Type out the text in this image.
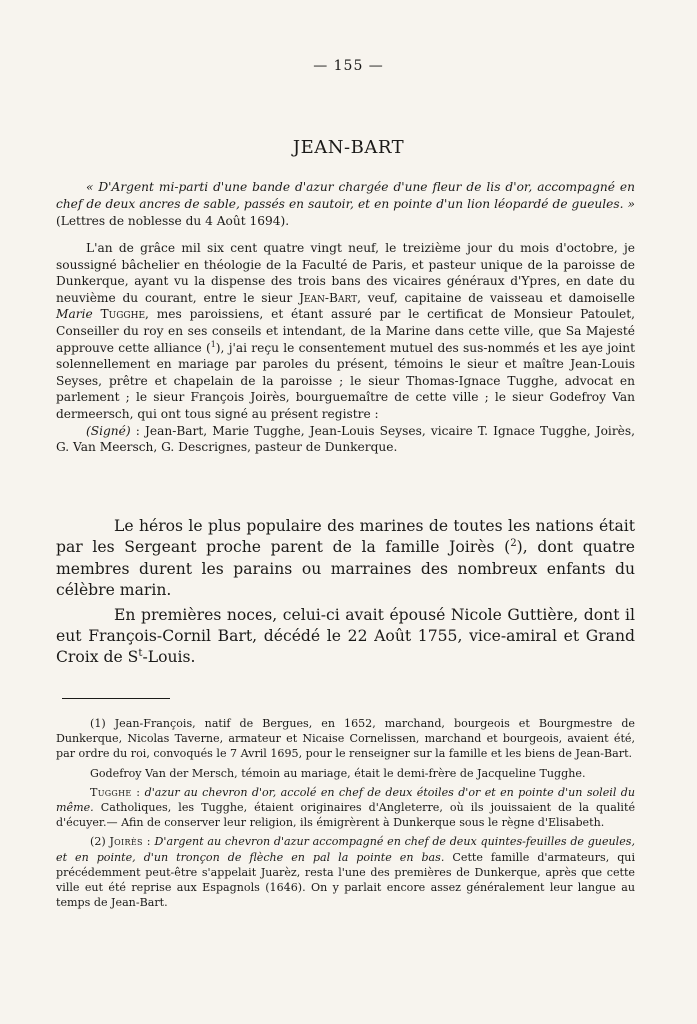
— 155 —
JEAN-BART
« D'Argent mi-parti d'une bande d'azur chargée d'une fleur de lis d'or, accompagné en chef de deux ancres de sable, passés en sautoir, et en pointe d'un lion léopardé de gueules. » (Lettres de noblesse du 4 Août 1694).

L'an de grâce mil six cent quatre vingt neuf, le treizième jour du mois d'octobre, je soussigné bâchelier en théologie de la Faculté de Paris, et pasteur unique de la paroisse de Dunkerque, ayant vu la dispense des trois bans des vicaires généraux d'Ypres, en date du neuvième du courant, entre le sieur Jean-Bart, veuf, capitaine de vaisseau et damoiselle Marie Tugghe, mes paroissiens, et étant assuré par le certificat de Monsieur Patoulet, Conseiller du roy en ses conseils et intendant, de la Marine dans cette ville, que Sa Majesté approuve cette alliance ($^1$), j'ai reçu le consentement mutuel des sus-nommés et les aye joint solennellement en mariage par paroles du présent, témoins le sieur et maître Jean-Louis Seyses, prêtre et chapelain de la paroisse ; le sieur Thomas-Ignace Tugghe, advocat en parlement ; le sieur François Joirès, bourguemaître de cette ville ; le sieur Godefroy Van dermeersch, qui ont tous signé au présent registre :

(Signé) : Jean-Bart, Marie Tugghe, Jean-Louis Seyses, vicaire T. Ignace Tugghe, Joirès, G. Van Meersch, G. Descrignes, pasteur de Dunkerque.

Le héros le plus populaire des marines de toutes les nations était par les Sergeant proche parent de la famille Joirès ($^2$), dont quatre membres durent les parains ou marraines des nombreux enfants du célèbre marin.

En premières noces, celui-ci avait épousé Nicole Guttière, dont il eut François-Cornil Bart, décédé le 22 Août 1755, vice-amiral et Grand Croix de $S^t$-Louis.

(1) Jean-François, natif de Bergues, en 1652, marchand, bourgeois et Bourgmestre de Dunkerque, Nicolas Taverne, armateur et Nicaise Cornelissen, marchand et bourgeois, avaient été, par ordre du roi, convoqués le 7 Avril 1695, pour le renseigner sur la famille et les biens de Jean-Bart.

Godefroy Van der Mersch, témoin au mariage, était le demi-frère de Jacqueline Tugghe.

Tugghe : d'azur au chevron d'or, accolé en chef de deux étoiles d'or et en pointe d'un soleil du même. Catholiques, les Tugghe, étaient originaires d'Angleterre, où ils jouissaient de la qualité d'écuyer.— Afin de conserver leur religion, ils émigrèrent à Dunkerque sous le règne d'Elisabeth.

(2) Joirès : D'argent au chevron d'azur accompagné en chef de deux quintes-feuilles de gueules, et en pointe, d'un tronçon de flèche en pal la pointe en bas. Cette famille d'armateurs, qui précédemment peut-être s'appelait Juarèz, resta l'une des premières de Dunkerque, après que cette ville eut été reprise aux Espagnols (1646). On y parlait encore assez généralement leur langue au temps de Jean-Bart.
